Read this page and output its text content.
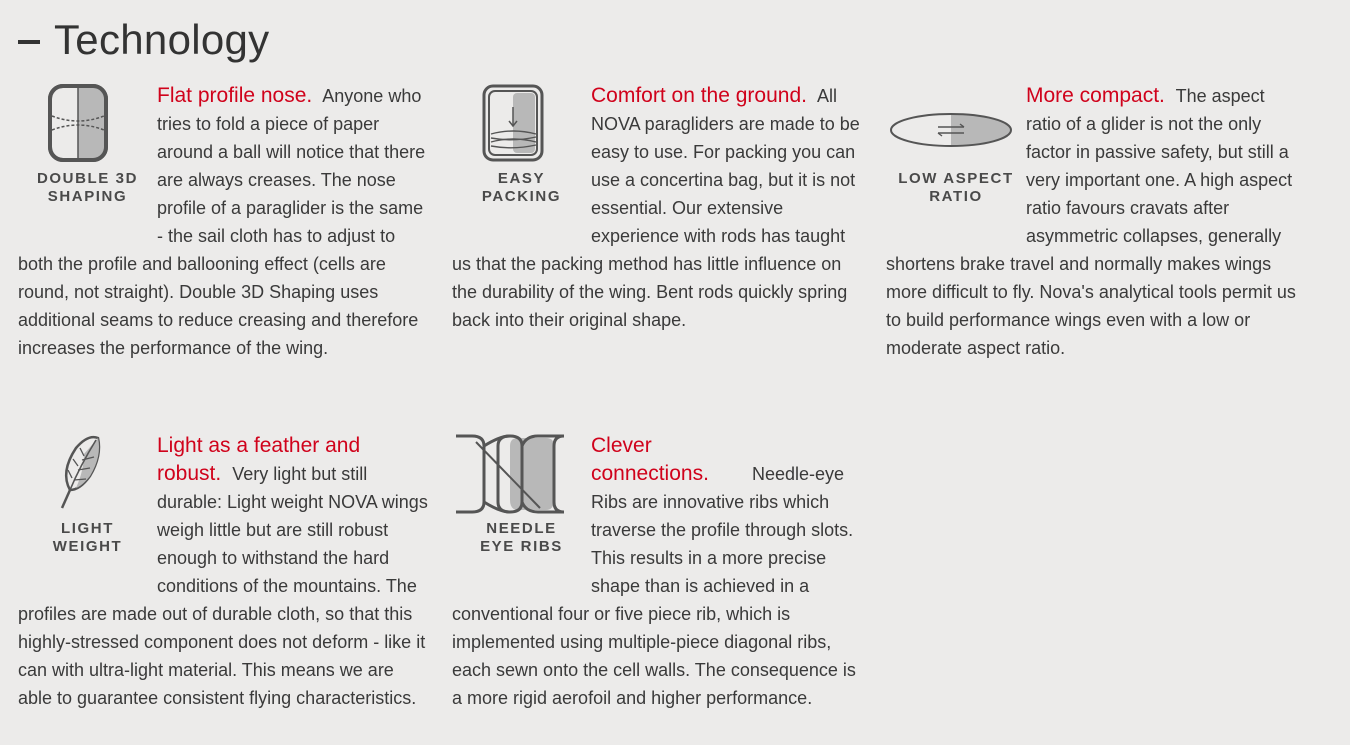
Technology
DOUBLE 3D
SHAPING
Flat profile nose. Anyone who tries to fold a piece of paper around a ball will notice that there are always creases. The nose profile of a paraglider is the same - the sail cloth has to adjust to both the profile and ballooning effect (cells are round, not straight). Double 3D Shaping uses additional seams to reduce creasing and therefore increases the performance of the wing.
EASY
PACKING
Comfort on the ground. All NOVA paragliders are made to be easy to use. For packing you can use a concertina bag, but it is not essential. Our extensive experience with rods has taught us that the packing method has little influence on the durability of the wing. Bent rods quickly spring back into their original shape.
LOW ASPECT
RATIO
More compact. The aspect ratio of a glider is not the only factor in passive safety, but still a very important one. A high aspect ratio favours cravats after asymmetric collapses, generally shortens brake travel and normally makes wings more difficult to fly. Nova's analytical tools permit us to build performance wings even with a low or moderate aspect ratio.
LIGHT
WEIGHT
Light as a feather and robust. Very light but still durable: Light weight NOVA wings weigh little but are still robust enough to withstand the hard conditions of the mountains. The profiles are made out of durable cloth, so that this highly-stressed component does not deform - like it can with ultra-light material. This means we are able to guarantee consistent flying characteristics.
NEEDLE
EYE RIBS
Clever connections. Needle-eye Ribs are innovative ribs which traverse the profile through slots. This results in a more precise shape than is achieved in a conventional four or five piece rib, which is implemented using multiple-piece diagonal ribs, each sewn onto the cell walls. The consequence is a more rigid aerofoil and higher performance.
